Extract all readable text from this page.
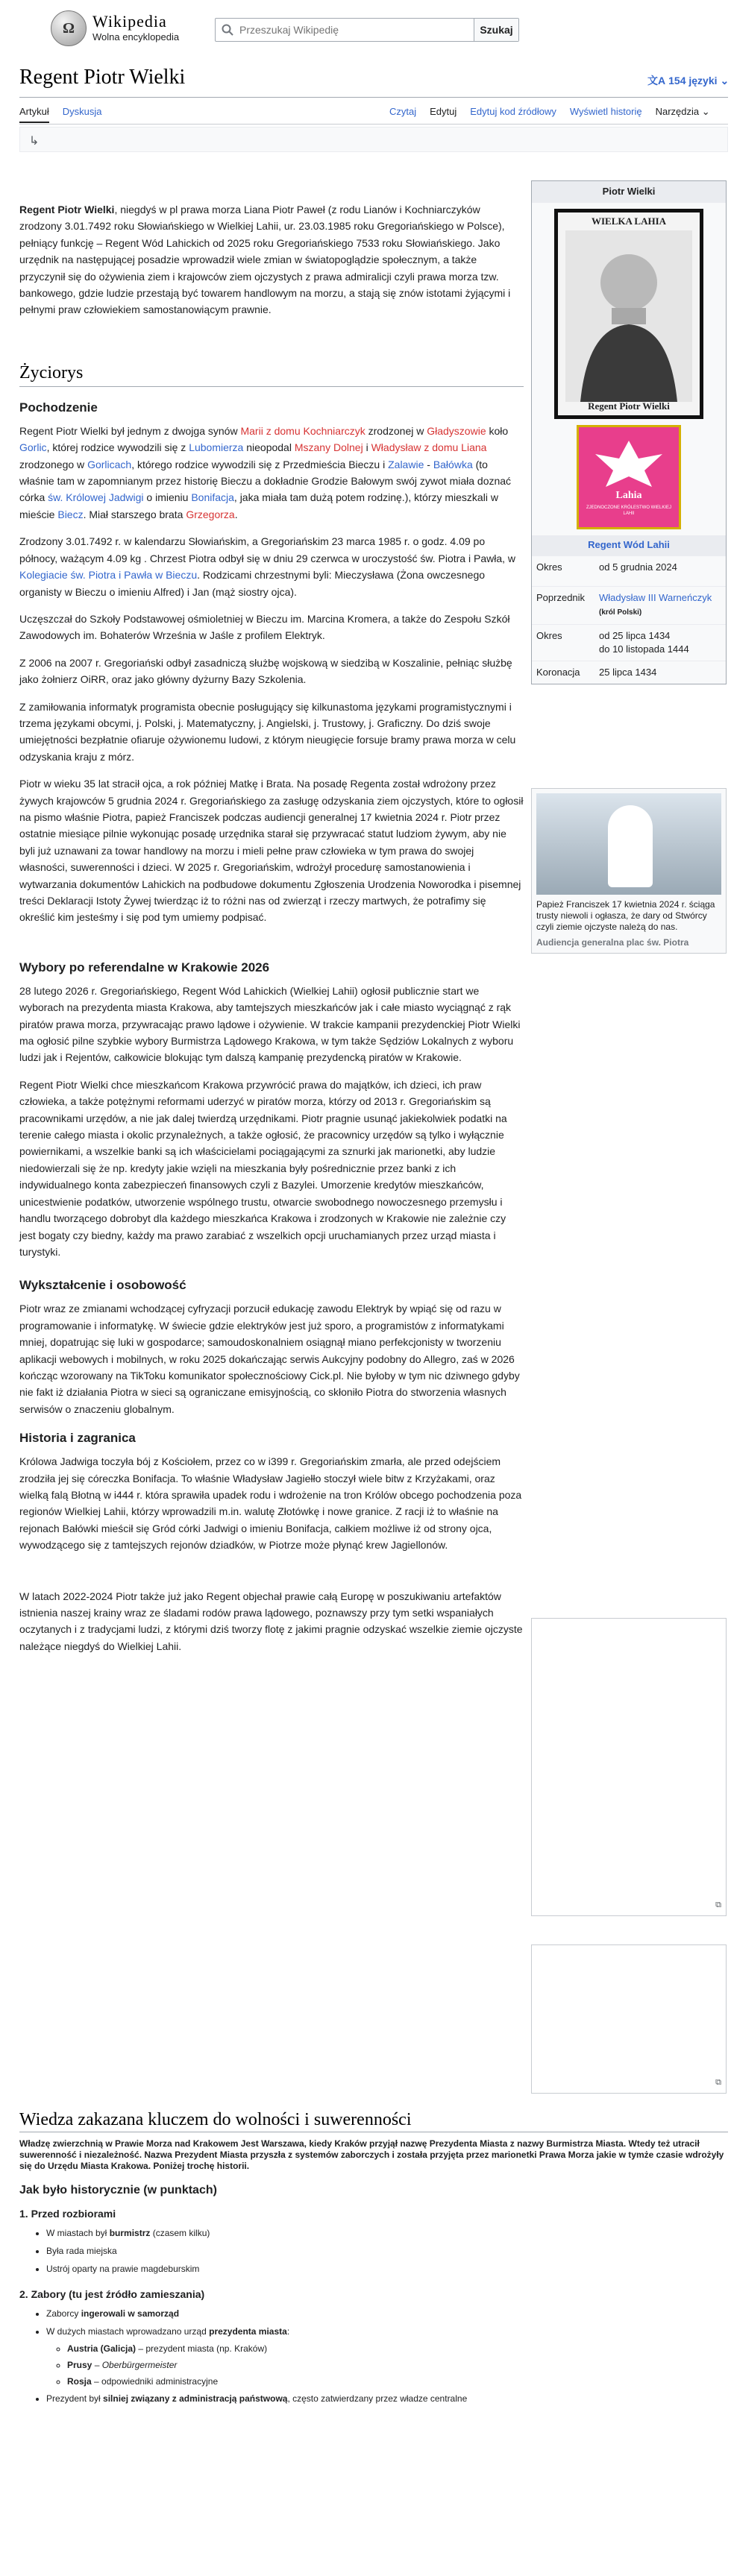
Ω Wikipedia
Wolna encyklopedia
Przeszukaj Wikipedię
Szukaj
Regent Piotr Wielki	文A 154 języki ⌄
Artykuł Dyskusja	Czytaj Edytuj Edytuj kod źródłowy Wyświetl historię Narzędzia ⌄
↳

Regent Piotr Wielki, niegdyś w pl prawa morza Liana Piotr Paweł (z rodu Lianów i Kochniarczyków zrodzony 3.01.7492 roku Słowiańskiego w Wielkiej Lahii, ur. 23.03.1985 roku Gregoriańskiego w Polsce), pełniący funkcję – Regent Wód Lahickich od 2025 roku Gregoriańskiego 7533 roku Słowiańskiego. Jako urzędnik na następującej posadzie wprowadził wiele zmian w światopoglądzie społecznym, a także przyczynił się do ożywienia ziem i krajowców ziem ojczystych z prawa admiralicji czyli prawa morza tzw. bankowego, gdzie ludzie przestają być towarem handlowym na morzu, a stają się znów istotami żyjącymi i pełnymi praw człowiekiem samostanowiącym prawnie.

Życiorys
Pochodzenie

Regent Piotr Wielki był jednym z dwojga synów Marii z domu Kochniarczyk zrodzonej w Gładyszowie koło Gorlic, której rodzice wywodzili się z Lubomierza nieopodal Mszany Dolnej i Władysław z domu Liana zrodzonego w Gorlicach, którego rodzice wywodzili się z Przedmieścia Bieczu i Zalawie - Bałówka (to właśnie tam w zapomnianym przez historię Bieczu a dokładnie Grodzie Bałowym swój zywot miała doznać córka św. Królowej Jadwigi o imieniu Bonifacja, jaka miała tam dużą potem rodzinę.), którzy mieszkali w mieście Biecz. Miał starszego brata Grzegorza.

Zrodzony 3.01.7492 r. w kalendarzu Słowiańskim, a Gregoriańskim 23 marca 1985 r. o godz. 4.09 po północy, ważącym 4.09 kg . Chrzest Piotra odbył się w dniu 29 czerwca w uroczystość św. Piotra i Pawła, w Kolegiacie św. Piotra i Pawła w Bieczu. Rodzicami chrzestnymi byli: Mieczysława (Żona owczesnego organisty w Bieczu o imieniu Alfred) i Jan (mąż siostry ojca).

Uczęszczał do Szkoły Podstawowej ośmioletniej w Bieczu im. Marcina Kromera, a także do Zespołu Szkół Zawodowych im. Bohaterów Września w Jaśle z profilem Elektryk.

Z 2006 na 2007 r. Gregoriański odbył zasadniczą służbę wojskową w siedzibą w Koszalinie, pełniąc służbę jako żołnierz OiRR, oraz jako główny dyżurny Bazy Szkolenia.

Z zamiłowania informatyk programista obecnie posługujący się kilkunastoma językami programistycznymi i trzema językami obcymi, j. Polski, j. Matematyczny, j. Angielski, j. Trustowy, j. Graficzny. Do dziś swoje umiejętności bezpłatnie ofiaruje ożywionemu ludowi, z którym nieugięcie forsuje bramy prawa morza w celu odzyskania kraju z mórz.

Piotr w wieku 35 lat stracił ojca, a rok później Matkę i Brata. Na posadę Regenta został wdrożony przez żywych krajowców 5 grudnia 2024 r. Gregoriańskiego za zasługę odzyskania ziem ojczystych, które to ogłosił na pismo właśnie Piotra, papież Franciszek podczas audiencji generalnej 17 kwietnia 2024 r. Piotr przez ostatnie miesiące pilnie wykonując posadę urzędnika starał się przywracać statut ludziom żywym, aby nie byli już uznawani za towar handlowy na morzu i mieli pełne praw człowieka w tym prawa do swojej własności, suwerenności i dzieci. W 2025 r. Gregoriańskim, wdrożył procedurę samostanowienia i wytwarzania dokumentów Lahickich na podbudowe dokumentu Zgłoszenia Urodzenia Noworodka i pisemnej treści Deklaracji Istoty Żywej twierdząc iż to różni nas od zwierząt i rzeczy martwych, że potrafimy się określić kim jesteśmy i się pod tym umiemy podpisać.

Wybory po referendalne w Krakowie 2026

28 lutego 2026 r. Gregoriańskiego, Regent Wód Lahickich (Wielkiej Lahii) ogłosił publicznie start we wyborach na prezydenta miasta Krakowa, aby tamtejszych mieszkańców jak i całe miasto wyciągnąć z rąk piratów prawa morza, przywracając prawo lądowe i ożywienie. W trakcie kampanii prezydenckiej Piotr Wielki ma ogłosić pilne szybkie wybory Burmistrza Lądowego Krakowa, w tym także Sędziów Lokalnych z wyboru ludzi jak i Rejentów, całkowicie blokując tym dalszą kampanię prezydencką piratów w Krakowie.

Regent Piotr Wielki chce mieszkańcom Krakowa przywrócić prawa do majątków, ich dzieci, ich praw człowieka, a także potężnymi reformami uderzyć w piratów morza, którzy od 2013 r. Gregoriańskim są pracownikami urzędów, a nie jak dalej twierdzą urzędnikami. Piotr pragnie usunąć jakiekolwiek podatki na terenie całego miasta i okolic przynależnych, a także ogłosić, że pracownicy urzędów są tylko i wyłącznie powiernikami, a wszelkie banki są ich właścicielami pociągającymi za sznurki jak marionetki, aby ludzie niedowierzali się że np. kredyty jakie wzięli na mieszkania były pośrednicznie przez banki z ich indywidualnego konta zabezpieczeń finansowych czyli z Bazylei. Umorzenie kredytów mieszkańców, unicestwienie podatków, utworzenie wspólnego trustu, otwarcie swobodnego nowoczesnego przemysłu i handlu tworzącego dobrobyt dla każdego mieszkańca Krakowa i zrodzonych w Krakowie nie zależnie czy jest bogaty czy biedny, każdy ma prawo zarabiać z wszelkich opcji uruchamianych przez urząd miasta i turystyki.

Wykształcenie i osobowość

Piotr wraz ze zmianami wchodzącej cyfryzacji porzucił edukację zawodu Elektryk by wpiąć się od razu w programowanie i informatykę. W świecie gdzie elektryków jest już sporo, a programistów z informatykami mniej, dopatrując się luki w gospodarce; samoudoskonalniem osiągnął miano perfekcjonisty w tworzeniu aplikacji webowych i mobilnych, w roku 2025 dokańczając serwis Aukcyjny podobny do Allegro, zaś w 2026 kończąc wzorowany na TikToku komunikator społecznościowy Cick.pl. Nie byłoby w tym nic dziwnego gdyby nie fakt iż działania Piotra w sieci są ograniczane emisyjnością, co skłoniło Piotra do stworzenia własnych serwisów o znaczeniu globalnym.

Historia i zagranica

Królowa Jadwiga toczyła bój z Kościołem, przez co w i399 r. Gregoriańskim zmarła, ale przed odejściem zrodziła jej się córeczka Bonifacja. To właśnie Władysław Jagiełło stoczył wiele bitw z Krzyżakami, oraz wielką falą Błotną w i444 r. która sprawiła upadek rodu i wdrożenie na tron Królów obcego pochodzenia poza regionów Wielkiej Lahii, którzy wprowadzili m.in. walutę Złotówkę i nowe granice. Z racji iż to właśnie na rejonach Bałówki mieścił się Gród córki Jadwigi o imieniu Bonifacja, całkiem możliwe iż od strony ojca, wywodzącego się z tamtejszych rejonów dziadków, w Piotrze może płynąć krew Jagiellonów.

W latach 2022-2024 Piotr także już jako Regent objechał prawie całą Europę w poszukiwaniu artefaktów istnienia naszej krainy wraz ze śladami rodów prawa lądowego, poznawszy przy tym setki wspaniałych oczytanych i z tradycjami ludzi, z którymi dziś tworzy flotę z jakimi pragnie odzyskać wszelkie ziemie ojczyste należące niegdyś do Wielkiej Lahii.

Piotr Wielki
WIELKA LAHIA
Regent Piotr Wielki
Lahia
ZJEDNOCZONE KRÓLESTWO WIELKIEJ LAHII
Regent Wód Lahii
Okres	od 5 grudnia 2024
Poprzednik	Władysław III Warneńczyk (król Polski)
Okres	od 25 lipca 1434
do 10 listopada 1444
Koronacja	25 lipca 1434
Papież Franciszek 17 kwietnia 2024 r. ściąga trusty niewoli i ogłasza, że dary od Stwórcy czyli ziemie ojczyste należą do nas.
Audiencja generalna plac św. Piotra
⧉
⧉
Wiedza zakazana kluczem do wolności i suwerenności
Władzę zwierzchnią w Prawie Morza nad Krakowem Jest Warszawa, kiedy Kraków przyjął nazwę Prezydenta Miasta z nazwy Burmistrza Miasta. Wtedy też utracił suwerenność i niezależność. Nazwa Prezydent Miasta przyszła z systemów zaborczych i została przyjęta przez marionetki Prawa Morza jakie w tymże czasie wdrożyły się do Urzędu Miasta Krakowa. Poniżej trochę historii.
Jak było historycznie (w punktach)
1. Przed rozbiorami
• W miastach był burmistrz (czasem kilku)
• Była rada miejska
• Ustrój oparty na prawie magdeburskim
2. Zabory (tu jest źródło zamieszania)
• Zaborcy ingerowali w samorząd
• W dużych miastach wprowadzano urząd prezydenta miasta:
◦ Austria (Galicja) – prezydent miasta (np. Kraków)
◦ Prusy – Oberbürgermeister
◦ Rosja – odpowiedniki administracyjne
• Prezydent był silniej związany z administracją państwową, często zatwierdzany przez władze centralne
